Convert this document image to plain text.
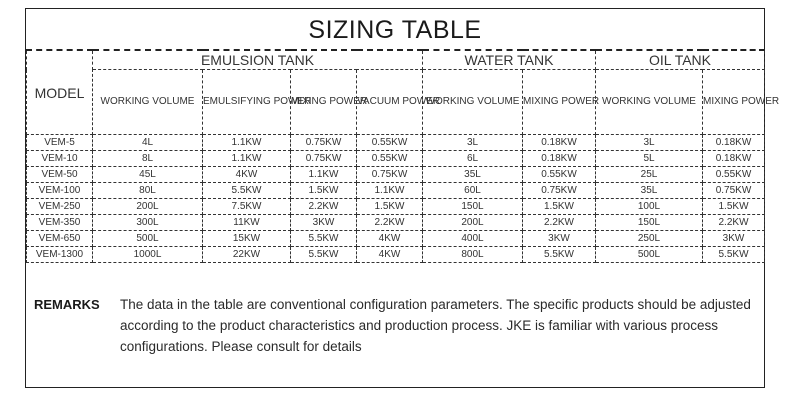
SIZING TABLE
MODEL	EMULSION TANK				WATER TANK		OIL TANK	
	WORKING VOLUME	EMULSIFYING POWER	MIXING POWER	VACUUM POWER	WORKING VOLUME	MIXING POWER	WORKING VOLUME	MIXING POWER
VEM-5	4L	1.1KW	0.75KW	0.55KW	3L	0.18KW	3L	0.18KW
VEM-10	8L	1.1KW	0.75KW	0.55KW	6L	0.18KW	5L	0.18KW
VEM-50	45L	4KW	1.1KW	0.75KW	35L	0.55KW	25L	0.55KW
VEM-100	80L	5.5KW	1.5KW	1.1KW	60L	0.75KW	35L	0.75KW
VEM-250	200L	7.5KW	2.2KW	1.5KW	150L	1.5KW	100L	1.5KW
VEM-350	300L	11KW	3KW	2.2KW	200L	2.2KW	150L	2.2KW
VEM-650	500L	15KW	5.5KW	4KW	400L	3KW	250L	3KW
VEM-1300	1000L	22KW	5.5KW	4KW	800L	5.5KW	500L	5.5KW
REMARKS The data in the table are conventional configuration parameters. The specific products should be adjusted according to the product characteristics and production process. JKE is familiar with various process configurations. Please consult for details
